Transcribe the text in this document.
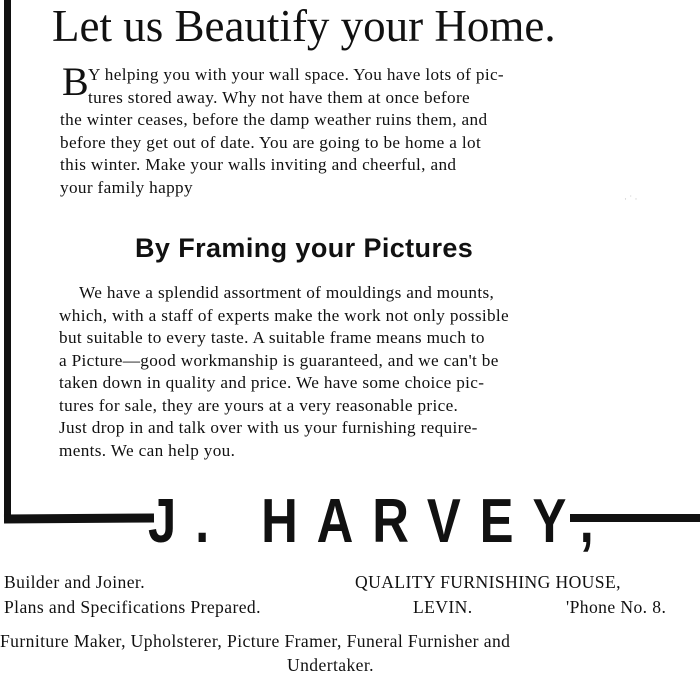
Let us Beautify your Home.
B Y helping you with your wall space. You have lots of pic-
tures stored away. Why not have them at once before
the winter ceases, before the damp weather ruins them, and
before they get out of date. You are going to be home a lot
this winter. Make your walls inviting and cheerful, and
your family happy
· ˙ ·
By Framing your Pictures
We have a splendid assortment of mouldings and mounts,
which, with a staff of experts make the work not only possible
but suitable to every taste. A suitable frame means much to
a Picture—good workmanship is guaranteed, and we can't be
taken down in quality and price. We have some choice pic-
tures for sale, they are yours at a very reasonable price.
Just drop in and talk over with us your furnishing require-
ments. We can help you.
J. HARVEY,
Builder and Joiner.
Plans and Specifications Prepared.
QUALITY FURNISHING HOUSE,
LEVIN.	'Phone No. 8.
Furniture Maker, Upholsterer, Picture Framer, Funeral Furnisher and
Undertaker.
